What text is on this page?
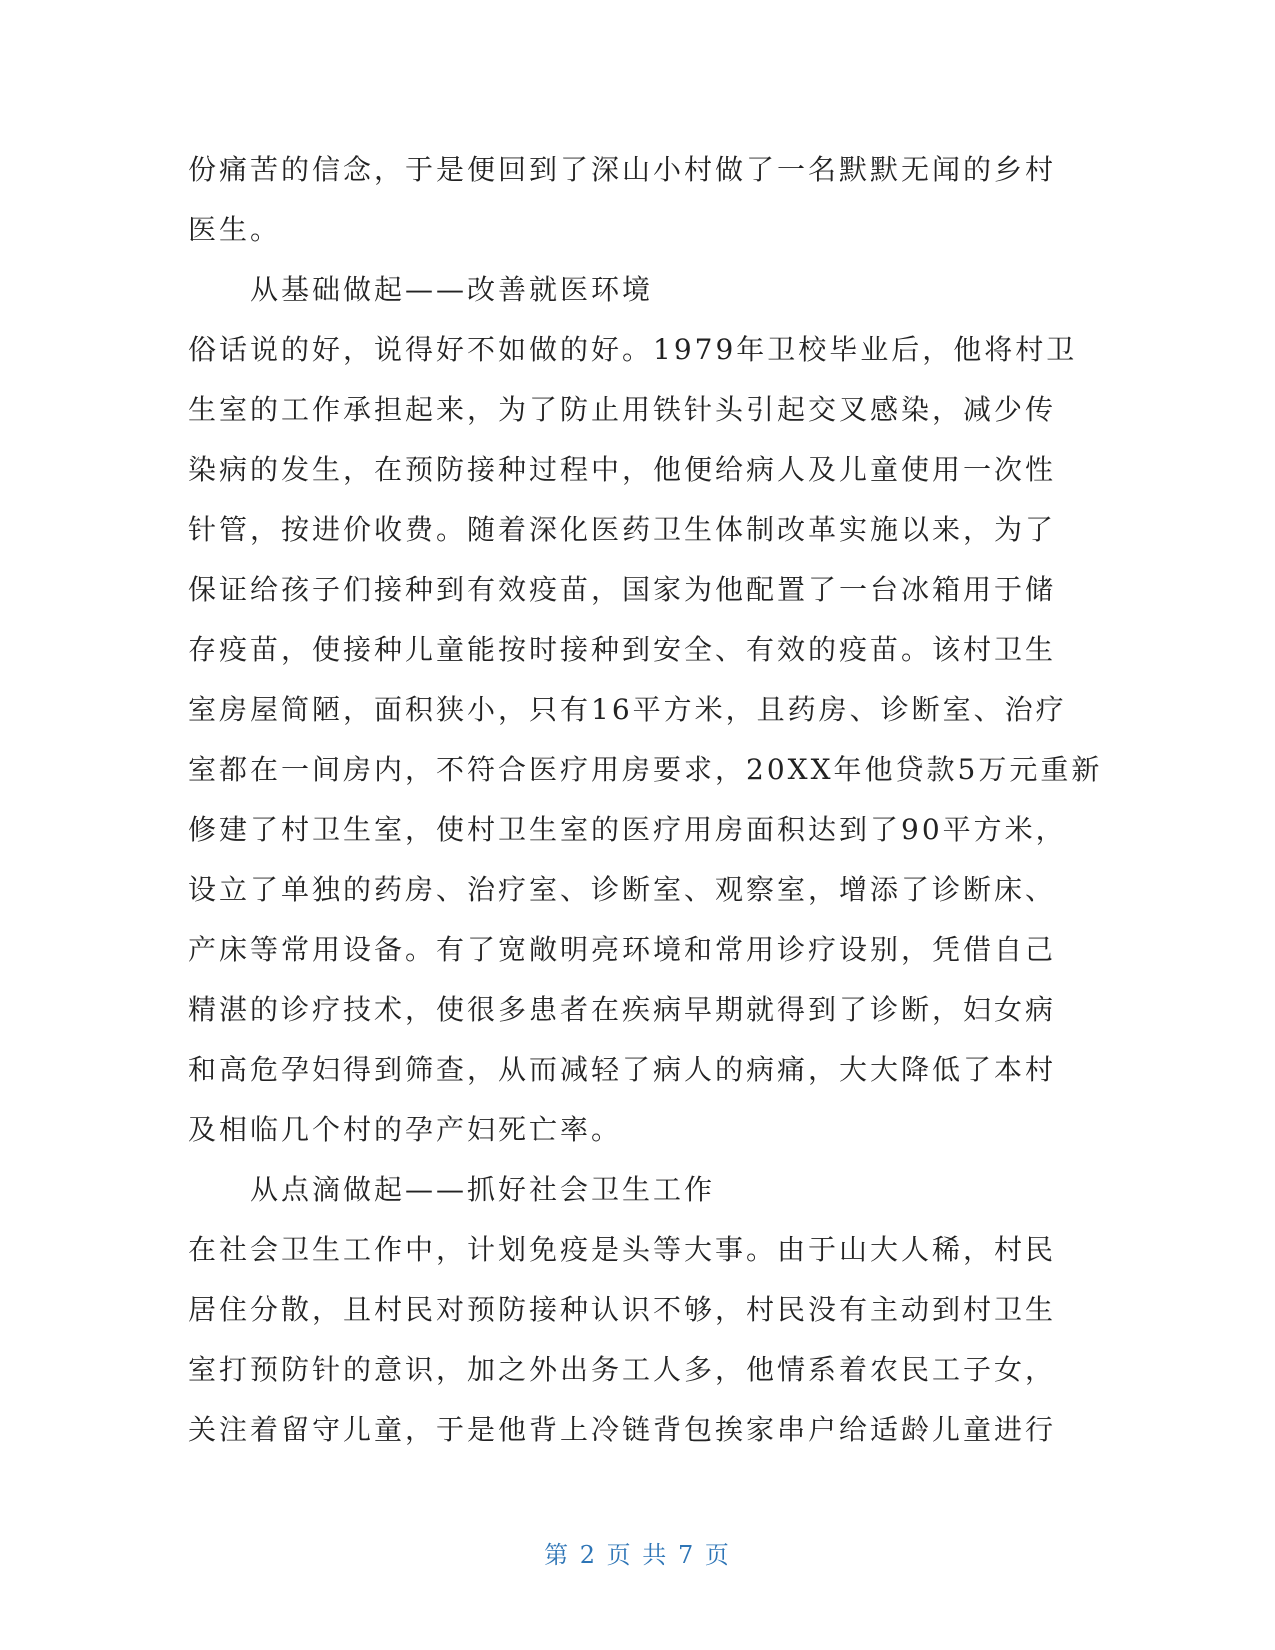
份痛苦的信念，于是便回到了深山小村做了一名默默无闻的乡村
医生。
从基础做起——改善就医环境
俗话说的好，说得好不如做的好。1979年卫校毕业后，他将村卫
生室的工作承担起来，为了防止用铁针头引起交叉感染，减少传
染病的发生，在预防接种过程中，他便给病人及儿童使用一次性
针管，按进价收费。随着深化医药卫生体制改革实施以来，为了
保证给孩子们接种到有效疫苗，国家为他配置了一台冰箱用于储
存疫苗，使接种儿童能按时接种到安全、有效的疫苗。该村卫生
室房屋简陋，面积狭小，只有16平方米，且药房、诊断室、治疗
室都在一间房内，不符合医疗用房要求，20XX年他贷款5万元重新
修建了村卫生室，使村卫生室的医疗用房面积达到了90平方米，
设立了单独的药房、治疗室、诊断室、观察室，增添了诊断床、
产床等常用设备。有了宽敞明亮环境和常用诊疗设别，凭借自己
精湛的诊疗技术，使很多患者在疾病早期就得到了诊断，妇女病
和高危孕妇得到筛查，从而减轻了病人的病痛，大大降低了本村
及相临几个村的孕产妇死亡率。
从点滴做起——抓好社会卫生工作
在社会卫生工作中，计划免疫是头等大事。由于山大人稀，村民
居住分散，且村民对预防接种认识不够，村民没有主动到村卫生
室打预防针的意识，加之外出务工人多，他情系着农民工子女，
关注着留守儿童，于是他背上冷链背包挨家串户给适龄儿童进行
第 2 页 共 7 页
